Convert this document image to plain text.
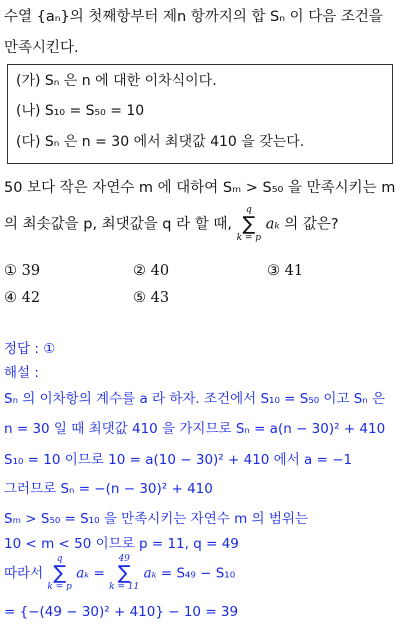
수열 {aₙ}의 첫째항부터 제n 항까지의 합 Sₙ 이 다음 조건을 만족시킨다.
(가) Sₙ 은 n 에 대한 이차식이다.
(나) S₁₀ = S₅₀ = 10
(다) Sₙ 은 n = 30 에서 최댓값 410 을 갖는다.
50 보다 작은 자연수 m 에 대하여 Sₘ > S₅₀ 을 만족시키는 m
의 최솟값을 p, 최댓값을 q 라 할 때,
q
∑
k = p
aₖ 의 값은?
① 39	② 40	③ 41
④ 42	⑤ 43
정답 : ①
해설 :
Sₙ 의 이차항의 계수를 a 라 하자. 조건에서 S₁₀ = S₅₀ 이고 Sₙ 은
n = 30 일 때 최댓값 410 을 가지므로 Sₙ = a(n − 30)² + 410
S₁₀ = 10 이므로 10 = a(10 − 30)² + 410 에서 a = −1
그러므로 Sₙ = −(n − 30)² + 410
Sₘ > S₅₀ = S₁₀ 을 만족시키는 자연수 m 의 범위는
10 < m < 50 이므로 p = 11, q = 49
따라서
q
∑
k = p
aₖ =
49
∑
k = 11
aₖ = S₄₉ − S₁₀
= {−(49 − 30)² + 410} − 10 = 39
